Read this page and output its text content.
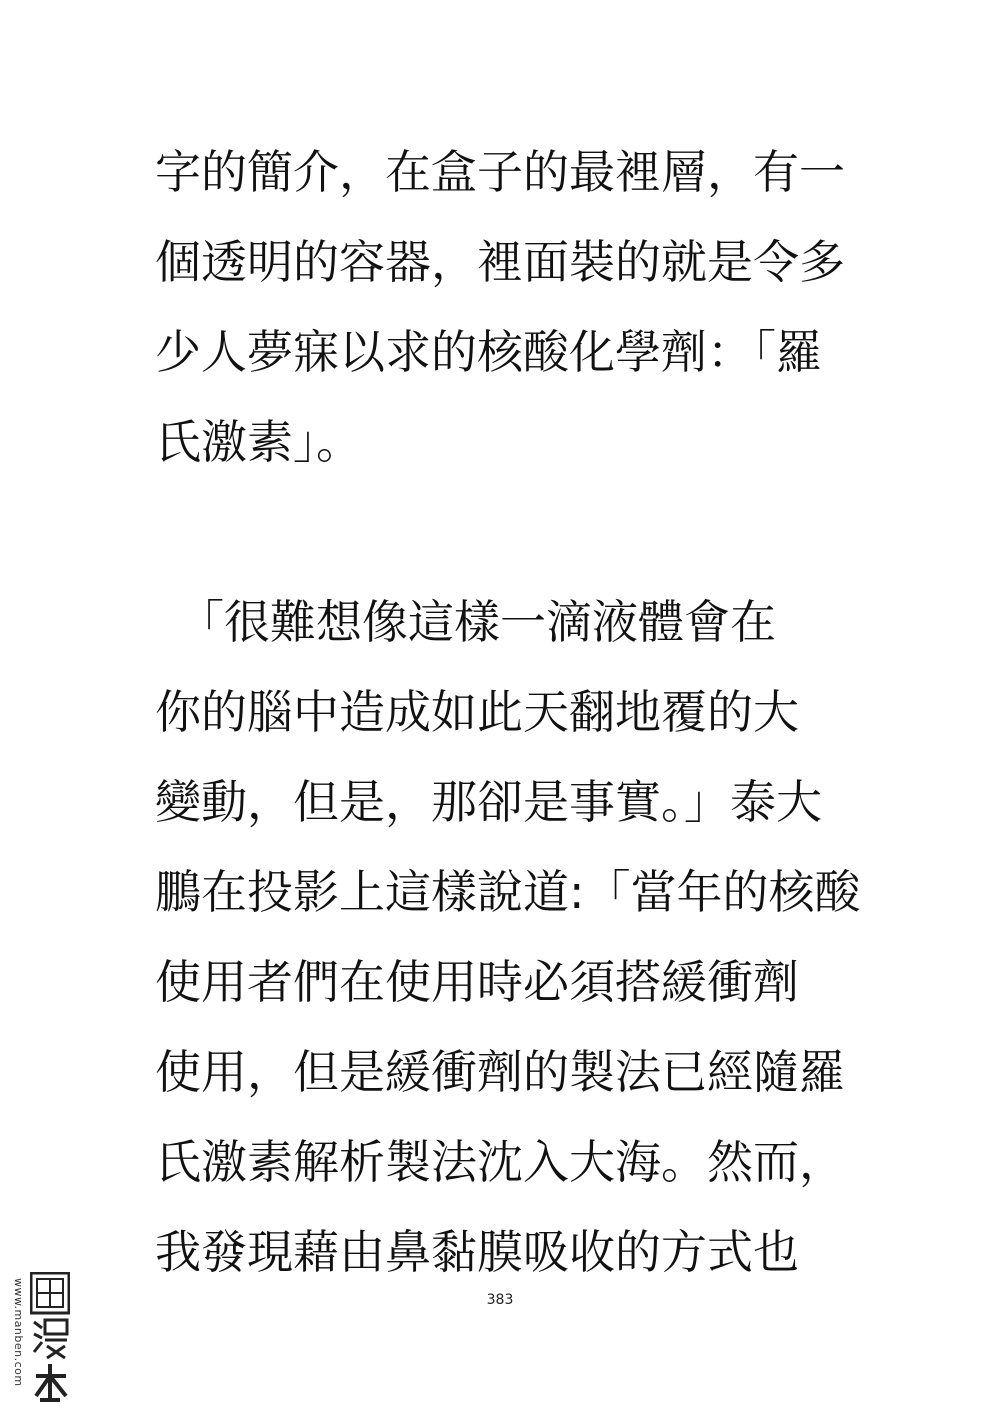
字的簡介，在盒子的最裡層，有一
個透明的容器，裡面裝的就是令多
少人夢寐以求的核酸化學劑：「羅
氏激素」。
　「很難想像這樣一滴液體會在
你的腦中造成如此天翻地覆的大
變動，但是，那卻是事實。」泰大
鵬在投影上這樣說道:「當年的核酸
使用者們在使用時必須搭緩衝劑
使用，但是緩衝劑的製法已經隨羅
氏激素解析製法沈入大海。然而，
我發現藉由鼻黏膜吸收的方式也
383
www.manben.com
